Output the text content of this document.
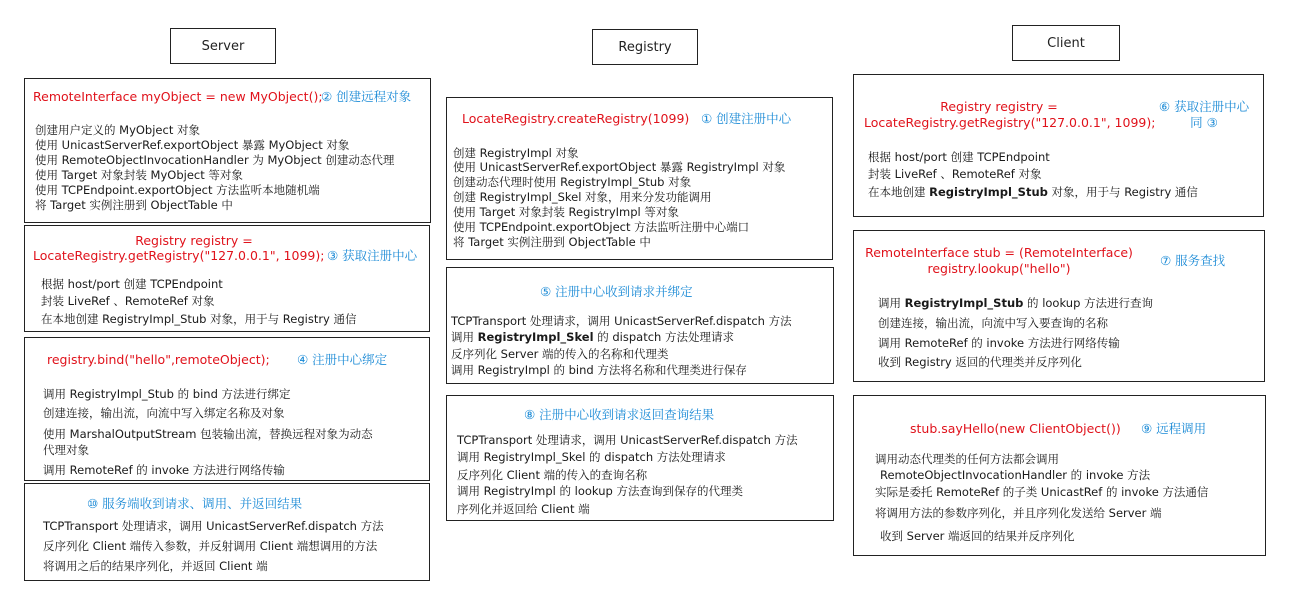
Server	Registry	Client
RemoteInterface myObject = new MyObject();
② 创建远程对象
创建用户定义的 MyObject 对象
使用 UnicastServerRef.exportObject 暴露 MyObject 对象
使用 RemoteObjectInvocationHandler 为 MyObject 创建动态代理
使用 Target 对象封装 MyObject 等对象
使用 TCPEndpoint.exportObject 方法监听本地随机端
将 Target 实例注册到 ObjectTable 中
Registry registry =
LocateRegistry.getRegistry("127.0.0.1", 1099); ③ 获取注册中心
根据 host/port 创建 TCPEndpoint
封装 LiveRef 、RemoteRef 对象
在本地创建 RegistryImpl_Stub 对象，用于与 Registry 通信
registry.bind("hello",remoteObject); ④ 注册中心绑定
调用 RegistryImpl_Stub 的 bind 方法进行绑定
创建连接，输出流，向流中写入绑定名称及对象
使用 MarshalOutputStream 包装输出流，替换远程对象为动态
代理对象
调用 RemoteRef 的 invoke 方法进行网络传输
⑩ 服务端收到请求、调用、并返回结果
TCPTransport 处理请求，调用 UnicastServerRef.dispatch 方法
反序列化 Client 端传入参数，并反射调用 Client 端想调用的方法
将调用之后的结果序列化，并返回 Client 端
LocateRegistry.createRegistry(1099) ① 创建注册中心
创建 RegistryImpl 对象
使用 UnicastServerRef.exportObject 暴露 RegistryImpl 对象
创建动态代理时使用 RegistryImpl_Stub 对象
创建 RegistryImpl_Skel 对象，用来分发功能调用
使用 Target 对象封装 RegistryImpl 等对象
使用 TCPEndpoint.exportObject 方法监听注册中心端口
将 Target 实例注册到 ObjectTable 中
⑤ 注册中心收到请求并绑定
TCPTransport 处理请求，调用 UnicastServerRef.dispatch 方法
调用 RegistryImpl_Skel 的 dispatch 方法处理请求
反序列化 Server 端的传入的名称和代理类
调用 RegistryImpl 的 bind 方法将名称和代理类进行保存
⑧ 注册中心收到请求返回查询结果
TCPTransport 处理请求，调用 UnicastServerRef.dispatch 方法
调用 RegistryImpl_Skel 的 dispatch 方法处理请求
反序列化 Client 端的传入的查询名称
调用 RegistryImpl 的 lookup 方法查询到保存的代理类
序列化并返回给 Client 端
Registry registry =
LocateRegistry.getRegistry("127.0.0.1", 1099);
⑥ 获取注册中心
同 ③
根据 host/port 创建 TCPEndpoint
封装 LiveRef 、RemoteRef 对象
在本地创建 RegistryImpl_Stub 对象，用于与 Registry 通信
RemoteInterface stub = (RemoteInterface)
registry.lookup("hello")
⑦ 服务查找
调用 RegistryImpl_Stub 的 lookup 方法进行查询
创建连接，输出流，向流中写入要查询的名称
调用 RemoteRef 的 invoke 方法进行网络传输
收到 Registry 返回的代理类并反序列化
stub.sayHello(new ClientObject()) ⑨ 远程调用
调用动态代理类的任何方法都会调用
RemoteObjectInvocationHandler 的 invoke 方法
实际是委托 RemoteRef 的子类 UnicastRef 的 invoke 方法通信
将调用方法的参数序列化，并且序列化发送给 Server 端
收到 Server 端返回的结果并反序列化
